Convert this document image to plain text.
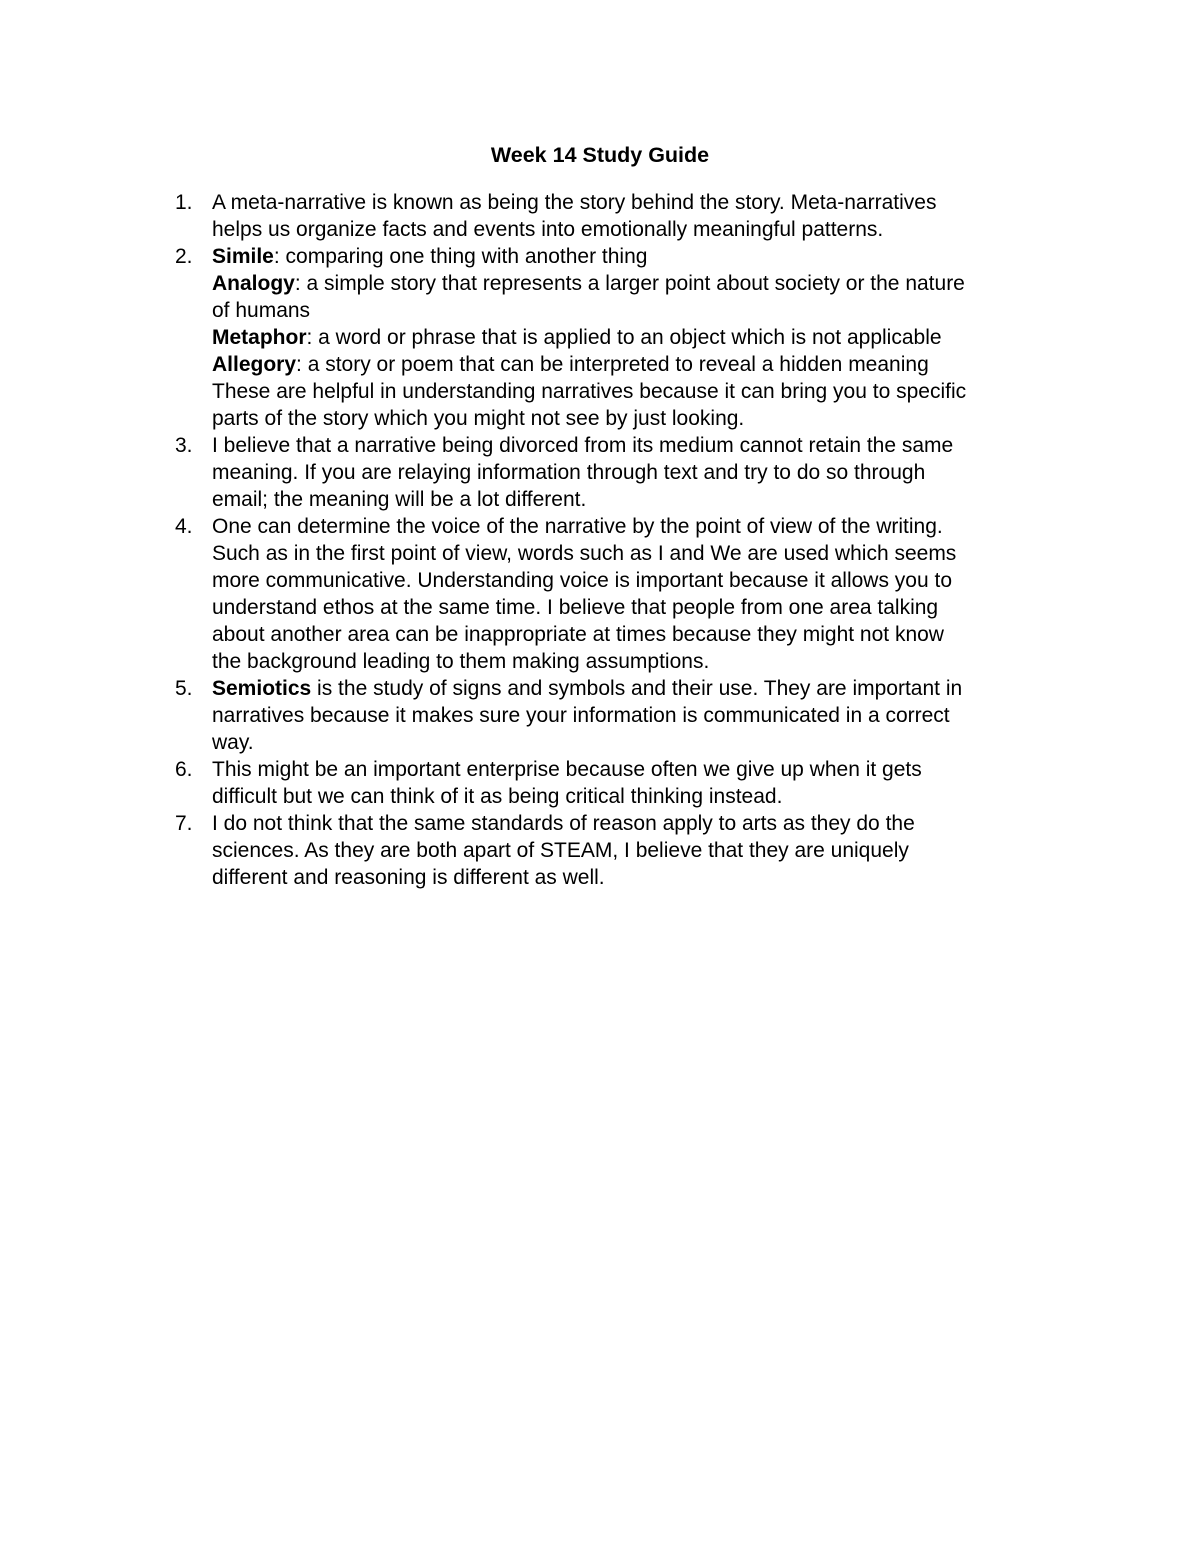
Week 14 Study Guide
1. A meta-narrative is known as being the story behind the story. Meta-narratives
helps us organize facts and events into emotionally meaningful patterns.
2. Simile: comparing one thing with another thing
Analogy: a simple story that represents a larger point about society or the nature
of humans
Metaphor: a word or phrase that is applied to an object which is not applicable
Allegory: a story or poem that can be interpreted to reveal a hidden meaning
These are helpful in understanding narratives because it can bring you to specific
parts of the story which you might not see by just looking.
3. I believe that a narrative being divorced from its medium cannot retain the same
meaning. If you are relaying information through text and try to do so through
email; the meaning will be a lot different.
4. One can determine the voice of the narrative by the point of view of the writing.
Such as in the first point of view, words such as I and We are used which seems
more communicative. Understanding voice is important because it allows you to
understand ethos at the same time. I believe that people from one area talking
about another area can be inappropriate at times because they might not know
the background leading to them making assumptions.
5. Semiotics is the study of signs and symbols and their use. They are important in
narratives because it makes sure your information is communicated in a correct
way.
6. This might be an important enterprise because often we give up when it gets
difficult but we can think of it as being critical thinking instead.
7. I do not think that the same standards of reason apply to arts as they do the
sciences. As they are both apart of STEAM, I believe that they are uniquely
different and reasoning is different as well.
